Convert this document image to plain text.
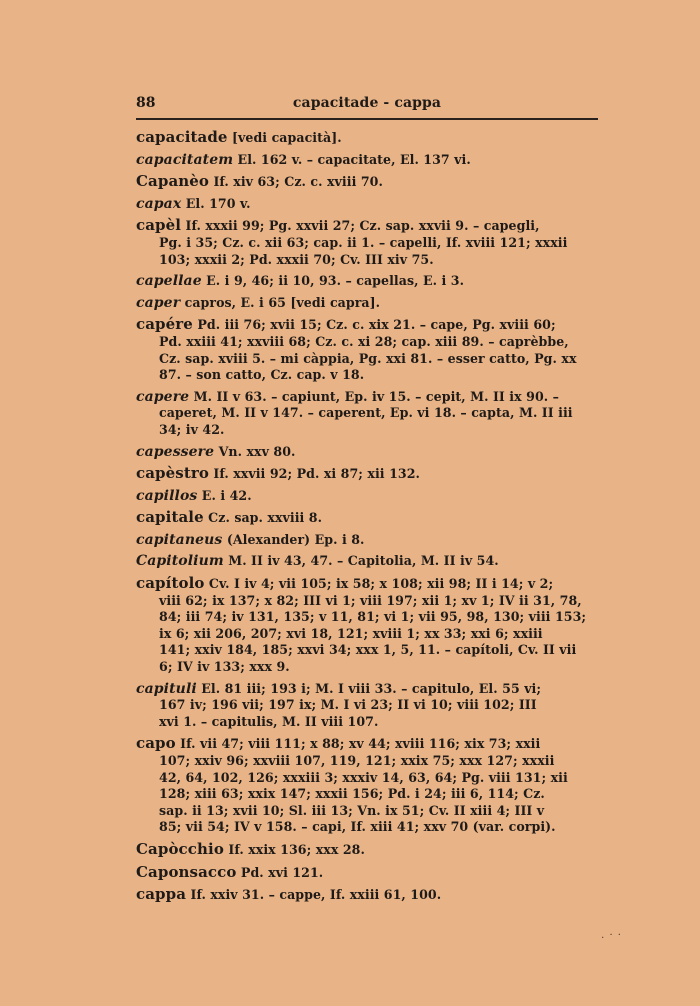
88	capacitade - cappa
capacitade [vedi capacità].
capacitatem El. 162 v. – capacitate, El. 137 vi.
Capanèo If. xiv 63; Cz. c. xviii 70.
capax El. 170 v.
capèl If. xxxii 99; Pg. xxvii 27; Cz. sap. xxvii 9. – capegli,
Pg. i 35; Cz. c. xii 63; cap. ii 1. – capelli, If. xviii 121; xxxii
103; xxxii 2; Pd. xxxii 70; Cv. III xiv 75.
capellae E. i 9, 46; ii 10, 93. – capellas, E. i 3.
caper capros, E. i 65 [vedi capra].
capére Pd. iii 76; xvii 15; Cz. c. xix 21. – cape, Pg. xviii 60;
Pd. xxiii 41; xxviii 68; Cz. c. xi 28; cap. xiii 89. – caprèbbe,
Cz. sap. xviii 5. – mi càppia, Pg. xxi 81. – esser catto, Pg. xx
87. – son catto, Cz. cap. v 18.
capere M. II v 63. – capiunt, Ep. iv 15. – cepit, M. II ix 90. –
caperet, M. II v 147. – caperent, Ep. vi 18. – capta, M. II iii
34; iv 42.
capessere Vn. xxv 80.
capèstro If. xxvii 92; Pd. xi 87; xii 132.
capillos E. i 42.
capitale Cz. sap. xxviii 8.
capitaneus (Alexander) Ep. i 8.
Capitolium M. II iv 43, 47. – Capitolia, M. II iv 54.
capítolo Cv. I iv 4; vii 105; ix 58; x 108; xii 98; II i 14; v 2;
viii 62; ix 137; x 82; III vi 1; viii 197; xii 1; xv 1; IV ii 31, 78,
84; iii 74; iv 131, 135; v 11, 81; vi 1; vii 95, 98, 130; viii 153;
ix 6; xii 206, 207; xvi 18, 121; xviii 1; xx 33; xxi 6; xxiii
141; xxiv 184, 185; xxvi 34; xxx 1, 5, 11. – capítoli, Cv. II vii
6; IV iv 133; xxx 9.
capituli El. 81 iii; 193 i; M. I viii 33. – capitulo, El. 55 vi;
167 iv; 196 vii; 197 ix; M. I vi 23; II vi 10; viii 102; III
xvi 1. – capitulis, M. II viii 107.
capo If. vii 47; viii 111; x 88; xv 44; xviii 116; xix 73; xxii
107; xxiv 96; xxviii 107, 119, 121; xxix 75; xxx 127; xxxii
42, 64, 102, 126; xxxiii 3; xxxiv 14, 63, 64; Pg. viii 131; xii
128; xiii 63; xxix 147; xxxii 156; Pd. i 24; iii 6, 114; Cz.
sap. ii 13; xvii 10; Sl. iii 13; Vn. ix 51; Cv. II xiii 4; III v
85; vii 54; IV v 158. – capi, If. xiii 41; xxv 70 (var. corpi).
Capòcchio If. xxix 136; xxx 28.
Caponsacco Pd. xvi 121.
cappa If. xxiv 31. – cappe, If. xxiii 61, 100.
. · ·
